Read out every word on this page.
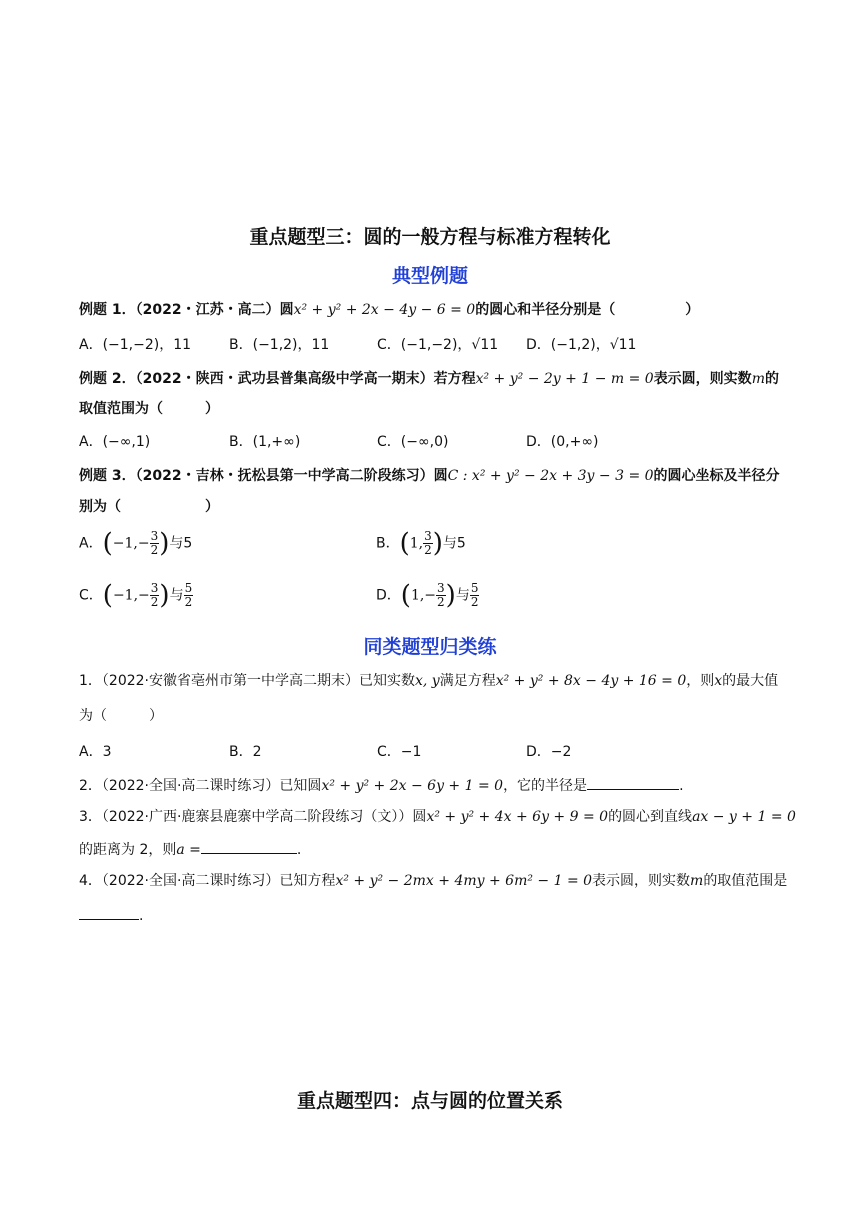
重点题型三：圆的一般方程与标准方程转化
典型例题
例题 1．（2022・江苏・高二）圆x² + y² + 2x − 4y − 6 = 0的圆心和半径分别是（　　　　　）
A．(−1,−2)，11	B．(−1,2)，11	C．(−1,−2)，√11 D．(−1,2)，√11
例题 2．（2022・陕西・武功县普集高级中学高一期末）若方程x² + y² − 2y + 1 − m = 0表示圆，则实数m的
取值范围为（　　　）
A．(−∞,1)	B．(1,+∞)	C．(−∞,0)	D．(0,+∞)
例题 3．（2022・吉林・抚松县第一中学高二阶段练习）圆C : x² + y² − 2x + 3y − 3 = 0的圆心坐标及半径分
别为（　　　　　　）
A．($-1,- \frac{3}{2}$ )与5	B．(1, $\frac{3}{2}$ )与5
C．($-1,- \frac{3}{2}$ )与 $\frac{5}{2}$	D．($1,- \frac{3}{2}$ )与 $\frac{5}{2}$
同类题型归类练
1．（2022·安徽省亳州市第一中学高二期末）已知实数x, y满足方程x² + y² + 8x − 4y + 16 = 0，则x的最大值
为（　　　）
A．3	B．2	C．−1	D．−2
2．（2022·全国·高二课时练习）已知圆x² + y² + 2x − 6y + 1 = 0，它的半径是	.
3．（2022·广西·鹿寨县鹿寨中学高二阶段练习（文））圆x² + y² + 4x + 6y + 9 = 0的圆心到直线ax − y + 1 = 0
的距离为 2，则a =	.
4．（2022·全国·高二课时练习）已知方程x² + y² − 2mx + 4my + 6m² − 1 = 0表示圆，则实数m的取值范围是
.
重点题型四：点与圆的位置关系
